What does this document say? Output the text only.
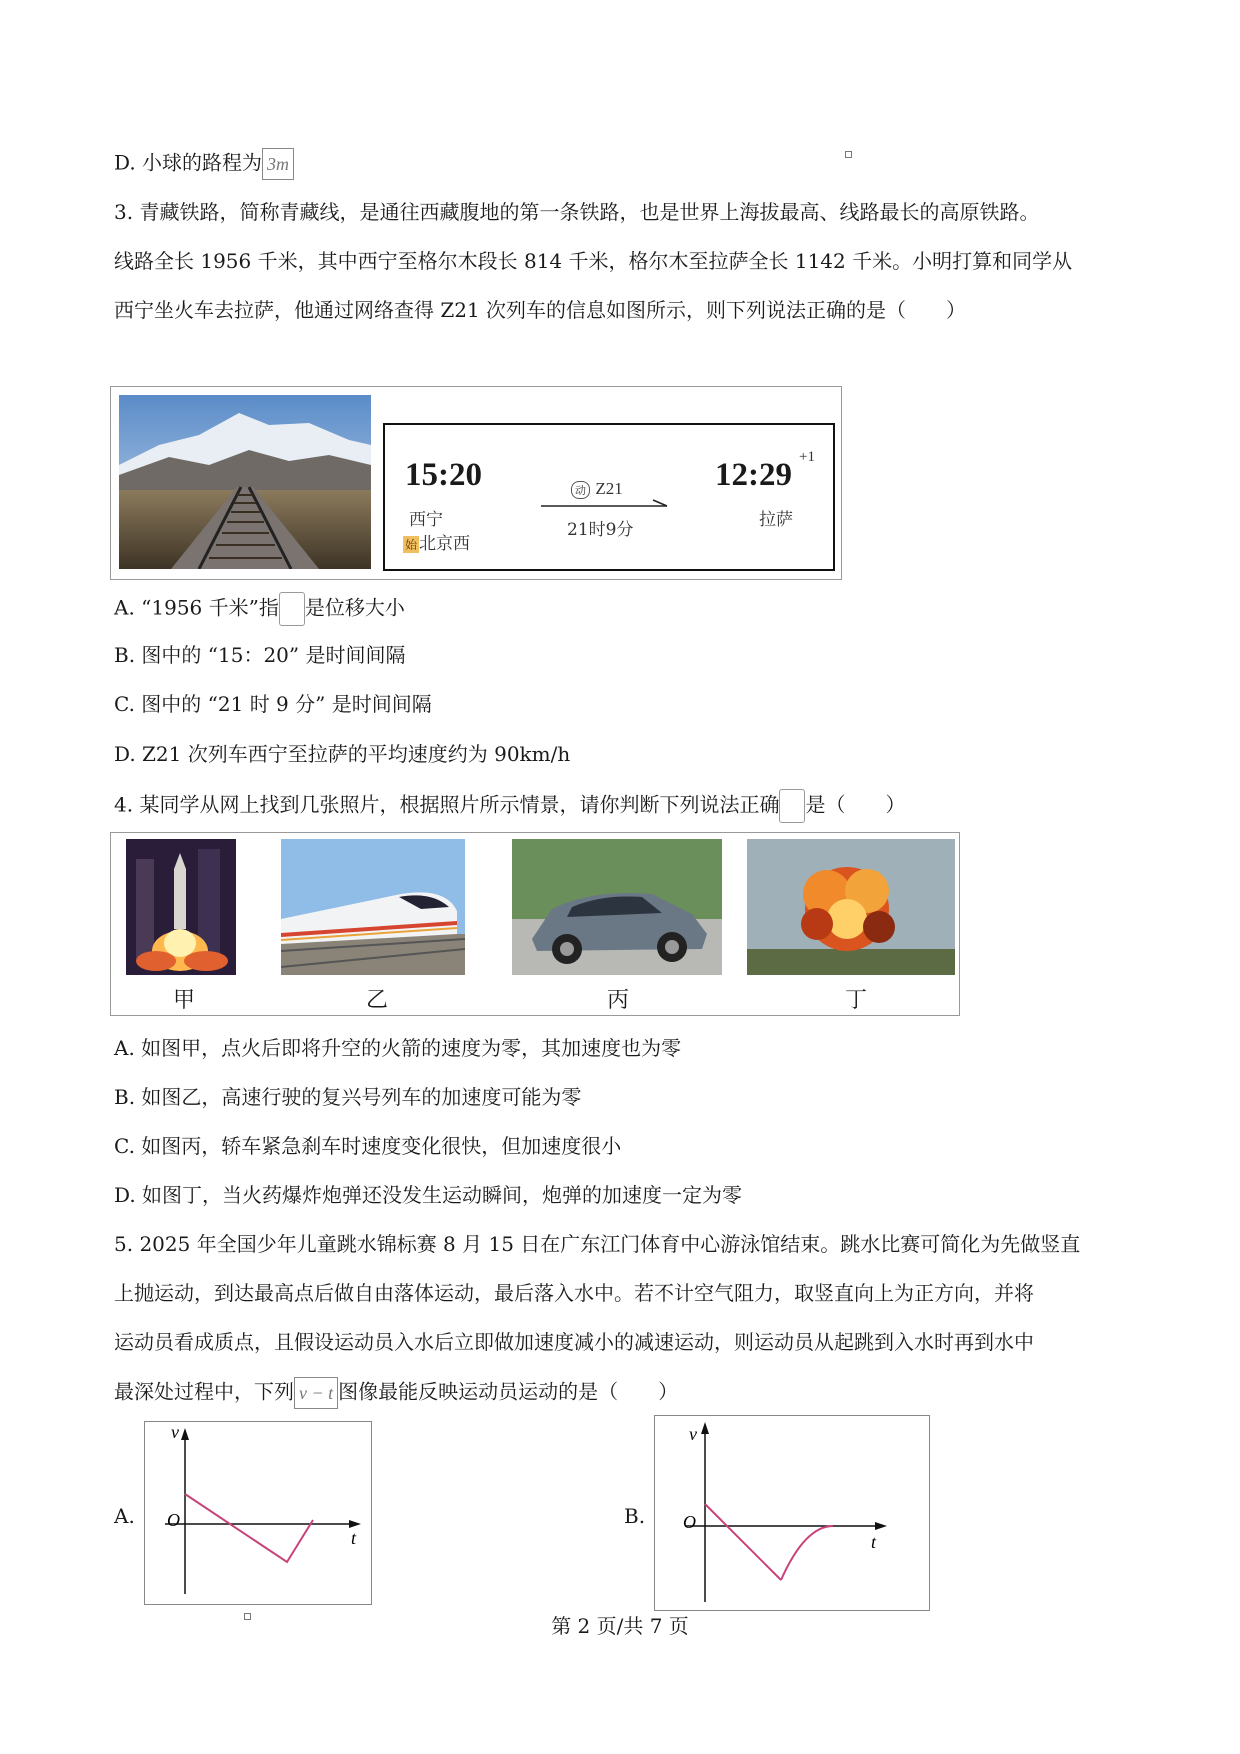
D. 小球的路程为 3m
3. 青藏铁路，简称青藏线，是通往西藏腹地的第一条铁路，也是世界上海拔最高、线路最长的高原铁路。
线路全长 1956 千米，其中西宁至格尔木段长 814 千米，格尔木至拉萨全长 1142 千米。小明打算和同学从
西宁坐火车去拉萨，他通过网络查得 Z21 次列车的信息如图所示，则下列说法正确的是（　　）
15:20
西宁
始 北京西
动 Z21
21时9分
12:29 +1
拉萨
A. “1956 千米”指 是位移大小
B. 图中的 “15：20” 是时间间隔
C. 图中的 “21 时 9 分” 是时间间隔
D. Z21 次列车西宁至拉萨的平均速度约为 90km/h
4. 某同学从网上找到几张照片，根据照片所示情景，请你判断下列说法正确 是（　　）
甲	乙	丙	丁
A. 如图甲，点火后即将升空的火箭的速度为零，其加速度也为零
B. 如图乙，高速行驶的复兴号列车的加速度可能为零
C. 如图丙，轿车紧急刹车时速度变化很快，但加速度很小
D. 如图丁，当火药爆炸炮弹还没发生运动瞬间，炮弹的加速度一定为零
5. 2025 年全国少年儿童跳水锦标赛 8 月 15 日在广东江门体育中心游泳馆结束。跳水比赛可简化为先做竖直
上抛运动，到达最高点后做自由落体运动，最后落入水中。若不计空气阻力，取竖直向上为正方向，并将
运动员看成质点，且假设运动员入水后立即做加速度减小的减速运动，则运动员从起跳到入水时再到水中
最深处过程中，下列 v − t 图像最能反映运动员运动的是（　　）
A.
v
t
O	B.
v
t
O
第 2 页/共 7 页
